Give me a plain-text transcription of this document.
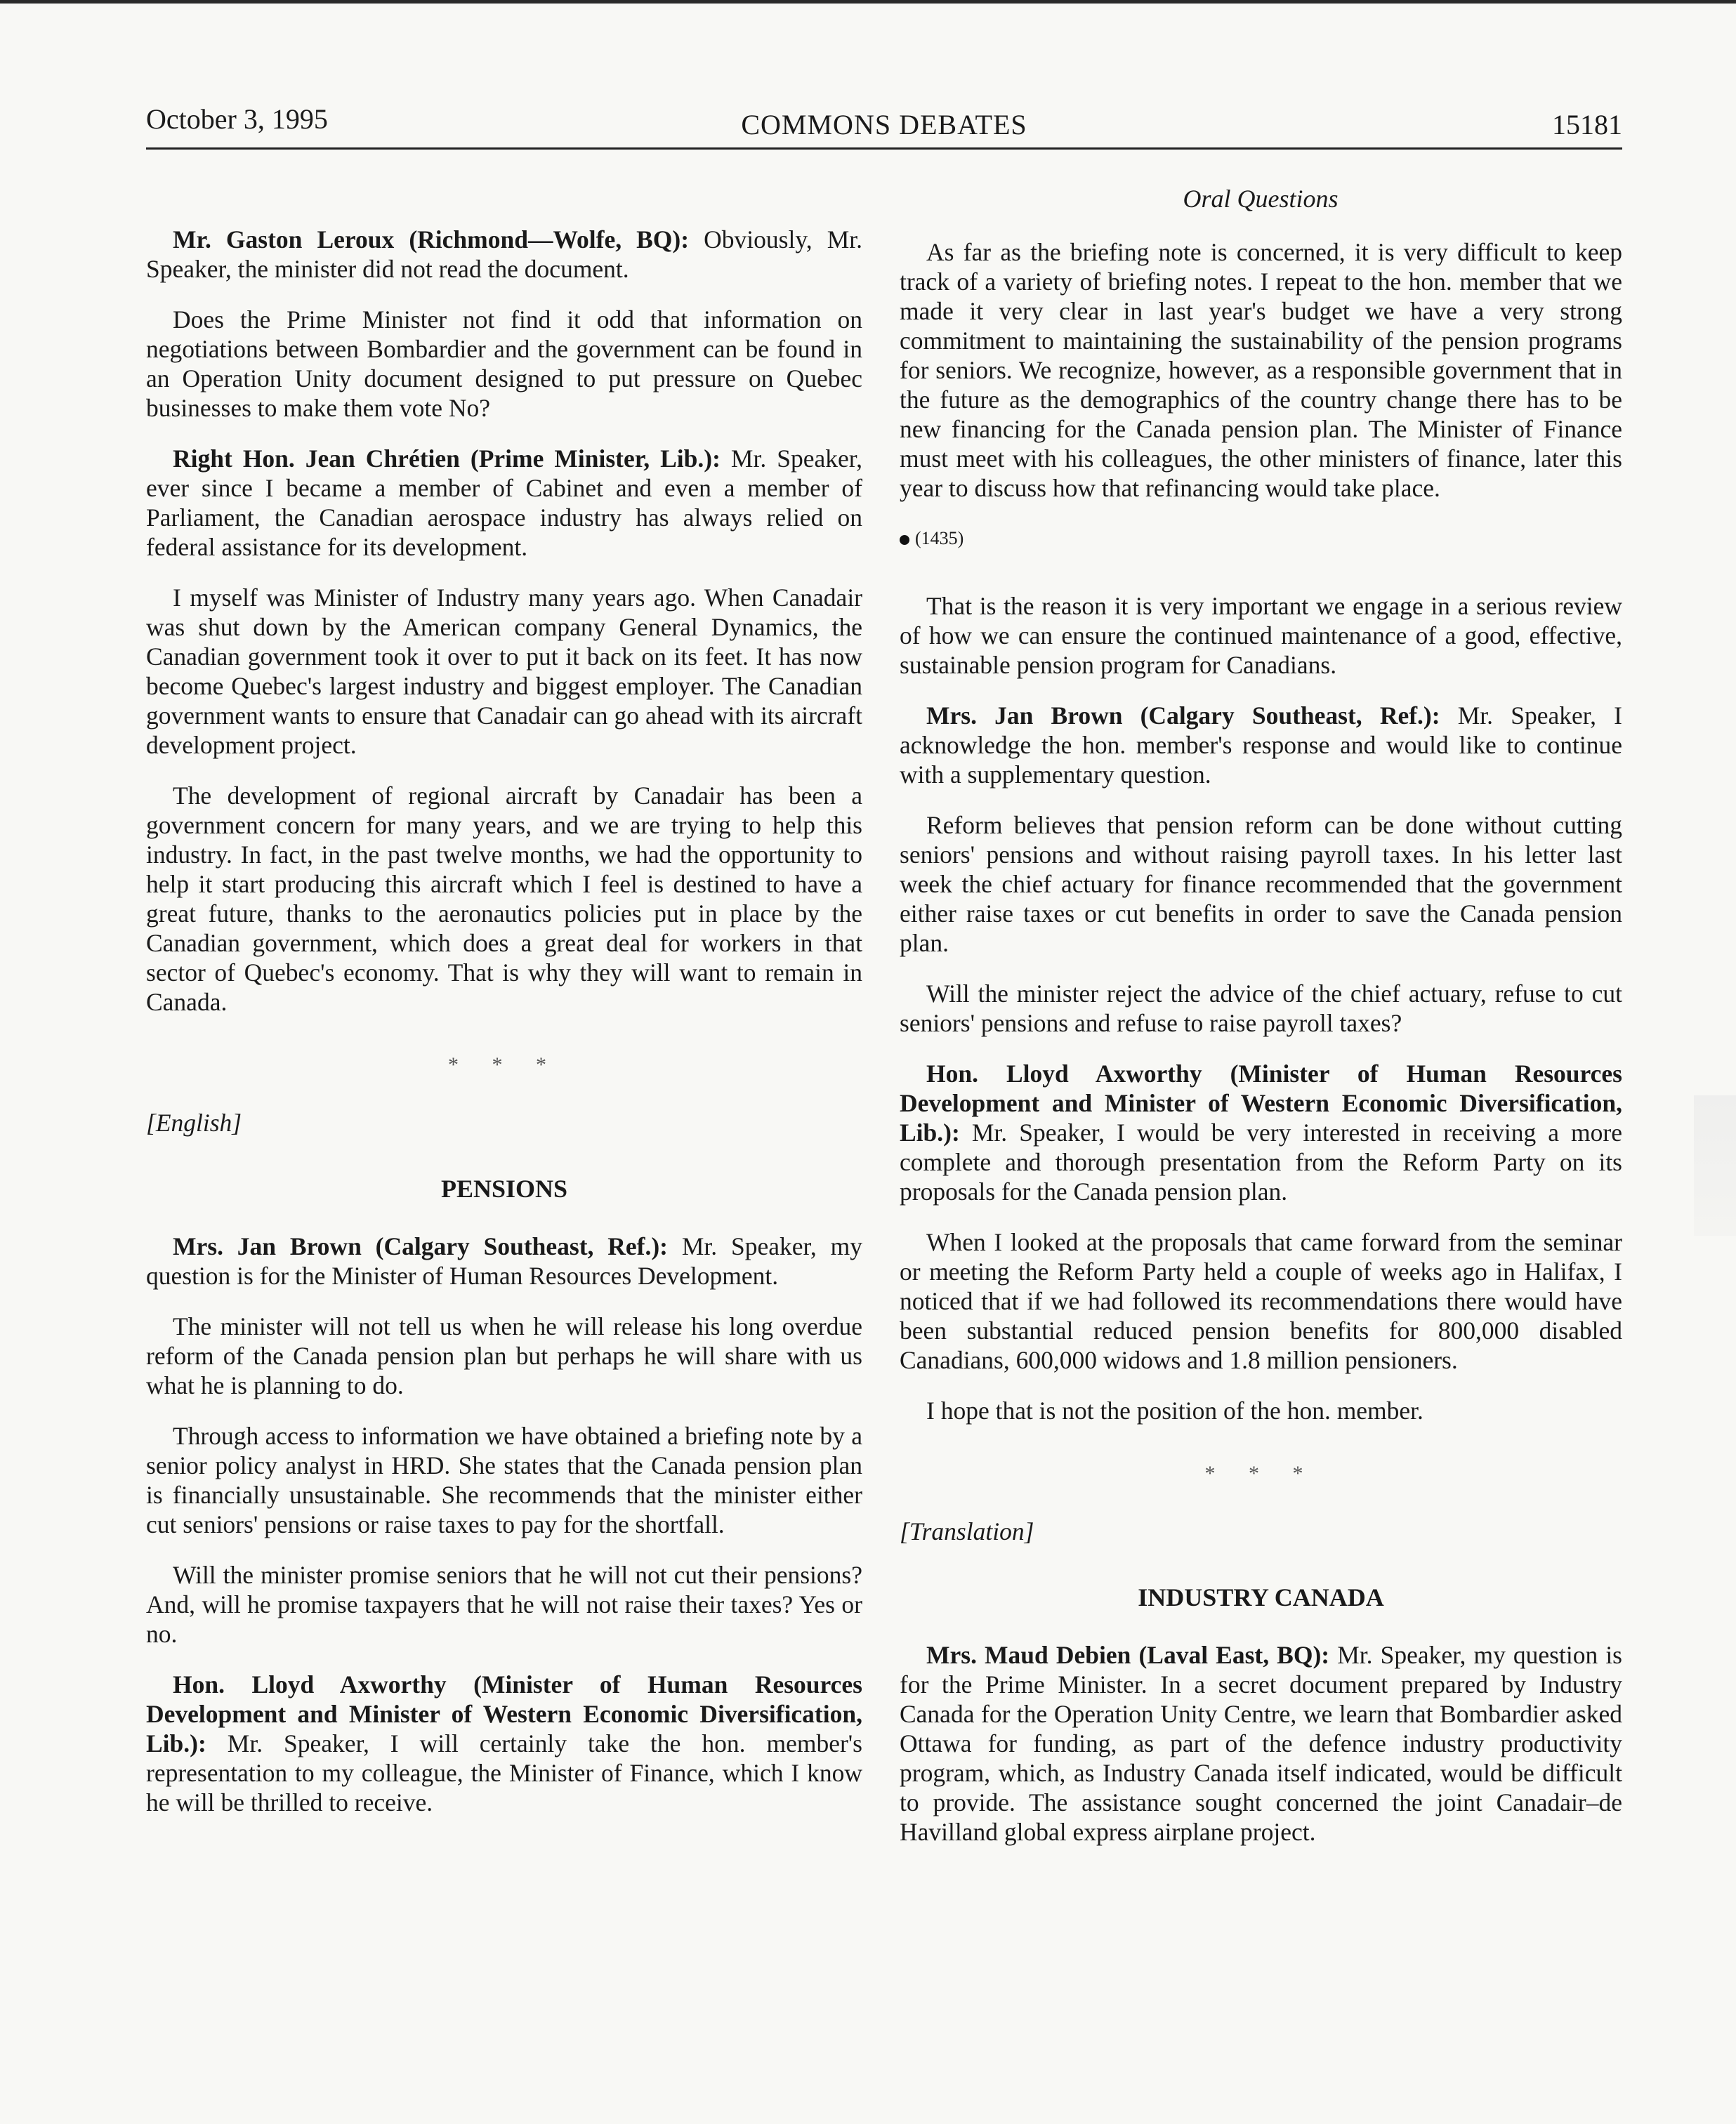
October 3, 1995	COMMONS DEBATES	15181
Oral Questions

Mr. Gaston Leroux (Richmond—Wolfe, BQ): Obviously, Mr. Speaker, the minister did not read the document.

Does the Prime Minister not find it odd that information on negotiations between Bombardier and the government can be found in an Operation Unity document designed to put pressure on Quebec businesses to make them vote No?

Right Hon. Jean Chrétien (Prime Minister, Lib.): Mr. Speaker, ever since I became a member of Cabinet and even a member of Parliament, the Canadian aerospace industry has always relied on federal assistance for its development.

I myself was Minister of Industry many years ago. When Canadair was shut down by the American company General Dynamics, the Canadian government took it over to put it back on its feet. It has now become Quebec's largest industry and biggest employer. The Canadian government wants to ensure that Canadair can go ahead with its aircraft development project.

The development of regional aircraft by Canadair has been a government concern for many years, and we are trying to help this industry. In fact, in the past twelve months, we had the opportunity to help it start producing this aircraft which I feel is destined to have a great future, thanks to the aeronautics policies put in place by the Canadian government, which does a great deal for workers in that sector of Quebec's economy. That is why they will want to remain in Canada.

* * *
[English]
PENSIONS

Mrs. Jan Brown (Calgary Southeast, Ref.): Mr. Speaker, my question is for the Minister of Human Resources Development.

The minister will not tell us when he will release his long overdue reform of the Canada pension plan but perhaps he will share with us what he is planning to do.

Through access to information we have obtained a briefing note by a senior policy analyst in HRD. She states that the Canada pension plan is financially unsustainable. She recommends that the minister either cut seniors' pensions or raise taxes to pay for the shortfall.

Will the minister promise seniors that he will not cut their pensions? And, will he promise taxpayers that he will not raise their taxes? Yes or no.

Hon. Lloyd Axworthy (Minister of Human Resources Development and Minister of Western Economic Diversification, Lib.): Mr. Speaker, I will certainly take the hon. member's representation to my colleague, the Minister of Finance, which I know he will be thrilled to receive.

As far as the briefing note is concerned, it is very difficult to keep track of a variety of briefing notes. I repeat to the hon. member that we made it very clear in last year's budget we have a very strong commitment to maintaining the sustainability of the pension programs for seniors. We recognize, however, as a responsible government that in the future as the demographics of the country change there has to be new financing for the Canada pension plan. The Minister of Finance must meet with his colleagues, the other ministers of finance, later this year to discuss how that refinancing would take place.

(1435)

That is the reason it is very important we engage in a serious review of how we can ensure the continued maintenance of a good, effective, sustainable pension program for Canadians.

Mrs. Jan Brown (Calgary Southeast, Ref.): Mr. Speaker, I acknowledge the hon. member's response and would like to continue with a supplementary question.

Reform believes that pension reform can be done without cutting seniors' pensions and without raising payroll taxes. In his letter last week the chief actuary for finance recommended that the government either raise taxes or cut benefits in order to save the Canada pension plan.

Will the minister reject the advice of the chief actuary, refuse to cut seniors' pensions and refuse to raise payroll taxes?

Hon. Lloyd Axworthy (Minister of Human Resources Development and Minister of Western Economic Diversification, Lib.): Mr. Speaker, I would be very interested in receiving a more complete and thorough presentation from the Reform Party on its proposals for the Canada pension plan.

When I looked at the proposals that came forward from the seminar or meeting the Reform Party held a couple of weeks ago in Halifax, I noticed that if we had followed its recommendations there would have been substantial reduced pension benefits for 800,000 disabled Canadians, 600,000 widows and 1.8 million pensioners.

I hope that is not the position of the hon. member.

* * *
[Translation]
INDUSTRY CANADA

Mrs. Maud Debien (Laval East, BQ): Mr. Speaker, my question is for the Prime Minister. In a secret document prepared by Industry Canada for the Operation Unity Centre, we learn that Bombardier asked Ottawa for funding, as part of the defence industry productivity program, which, as Industry Canada itself indicated, would be difficult to provide. The assistance sought concerned the joint Canadair–de Havilland global express airplane project.
